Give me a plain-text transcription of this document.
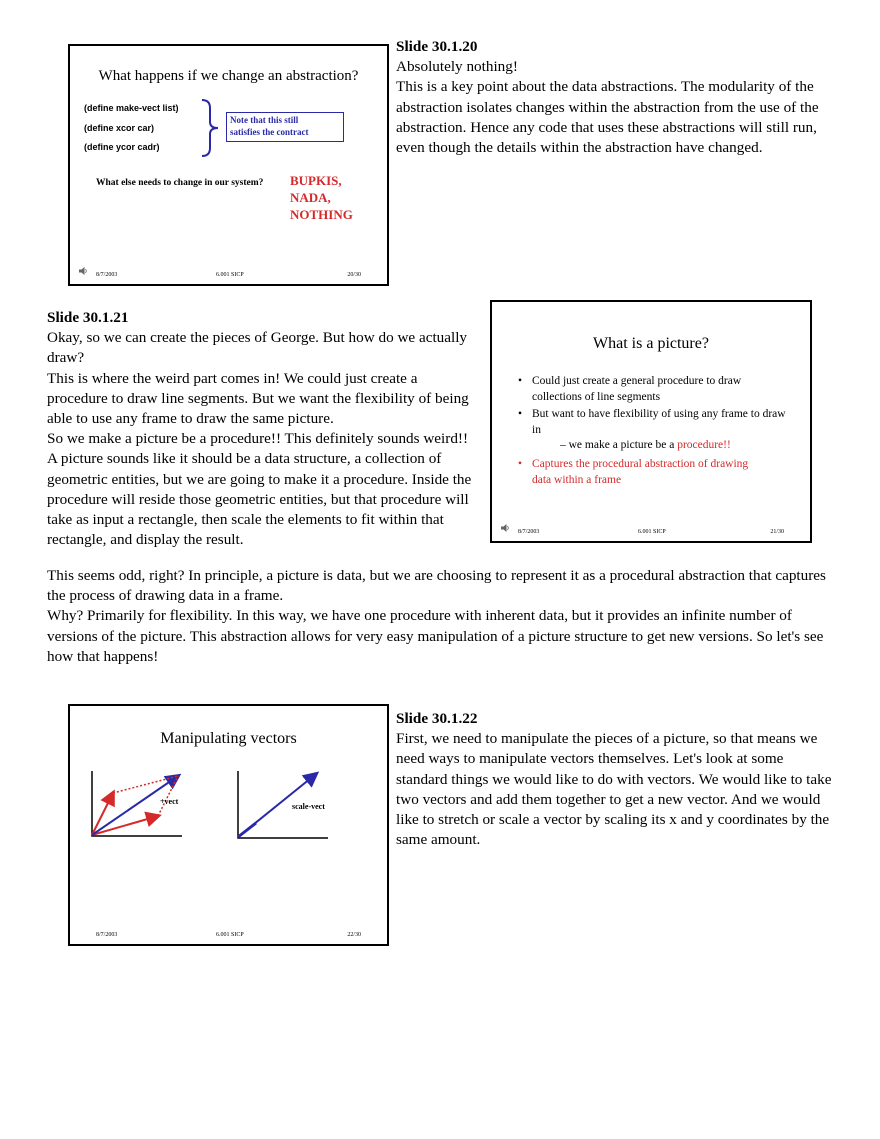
What happens if we change an abstraction?
(define make-vect list)
(define xcor car)
(define ycor cadr)
Note that this still
satisfies the contract
What else needs to change in our system? BUPKIS,
NADA,
NOTHING
8/7/2003	6.001 SICP	20/30

Slide 30.1.20

Absolutely nothing!

This is a key point about the data abstractions. The modularity of the abstraction isolates changes within the abstraction from the use of the abstraction. Hence any code that uses these abstractions will still run, even though the details within the abstraction have changed.

Slide 30.1.21

Okay, so we can create the pieces of George. But how do we actually draw?

This is where the weird part comes in! We could just create a procedure to draw line segments. But we want the flexibility of being able to use any frame to draw the same picture.

So we make a picture be a procedure!! This definitely sounds weird!! A picture sounds like it should be a data structure, a collection of geometric entities, but we are going to make it a procedure. Inside the procedure will reside those geometric entities, but that procedure will take as input a rectangle, then scale the elements to fit within that rectangle, and display the result.

What is a picture?
• Could just create a general procedure to draw collections of line segments
• But want to have flexibility of using any frame to draw in
– we make a picture be a procedure!!
• Captures the procedural abstraction of drawing data within a frame
8/7/2003	6.001 SICP	21/30

This seems odd, right? In principle, a picture is data, but we are choosing to represent it as a procedural abstraction that captures the process of drawing data in a frame.

Why? Primarily for flexibility. In this way, we have one procedure with inherent data, but it provides an infinite number of versions of the picture. This abstraction allows for very easy manipulation of a picture structure to get new versions. So let's see how that happens!

Manipulating vectors
+vect
scale-vect
8/7/2003	6.001 SICP	22/30

Slide 30.1.22

First, we need to manipulate the pieces of a picture, so that means we need ways to manipulate vectors themselves. Let's look at some standard things we would like to do with vectors. We would like to take two vectors and add them together to get a new vector. And we would like to stretch or scale a vector by scaling its x and y coordinates by the same amount.
